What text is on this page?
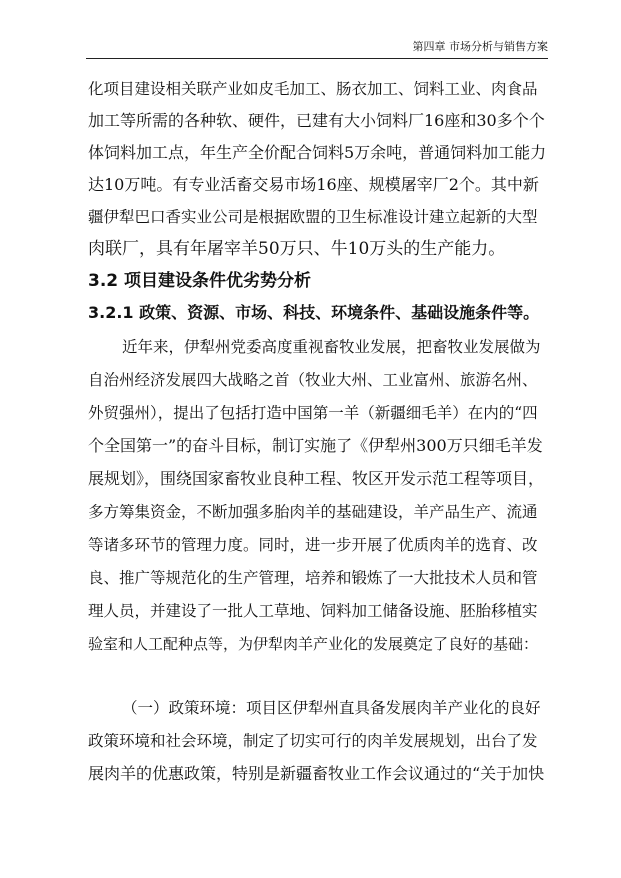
第四章 市场分析与销售方案
化项目建设相关联产业如皮毛加工、肠衣加工、饲料工业、肉食品
加工等所需的各种软、硬件，已建有大小饲料厂16座和30多个个
体饲料加工点，年生产全价配合饲料5万余吨，普通饲料加工能力
达10万吨。有专业活畜交易市场16座、规模屠宰厂2个。其中新
疆伊犁巴口香实业公司是根据欧盟的卫生标准设计建立起新的大型
肉联厂，具有年屠宰羊50万只、牛10万头的生产能力。
3.2 项目建设条件优劣势分析
3.2.1 政策、资源、市场、科技、环境条件、基础设施条件等。
近年来，伊犁州党委高度重视畜牧业发展，把畜牧业发展做为
自治州经济发展四大战略之首（牧业大州、工业富州、旅游名州、
外贸强州），提出了包括打造中国第一羊（新疆细毛羊）在内的“四
个全国第一”的奋斗目标，制订实施了《伊犁州300万只细毛羊发
展规划》，围绕国家畜牧业良种工程、牧区开发示范工程等项目，
多方筹集资金，不断加强多胎肉羊的基础建设，羊产品生产、流通
等诸多环节的管理力度。同时，进一步开展了优质肉羊的选育、改
良、推广等规范化的生产管理，培养和锻炼了一大批技术人员和管
理人员，并建设了一批人工草地、饲料加工储备设施、胚胎移植实
验室和人工配种点等，为伊犁肉羊产业化的发展奠定了良好的基础：
（一）政策环境：项目区伊犁州直具备发展肉羊产业化的良好
政策环境和社会环境，制定了切实可行的肉羊发展规划，出台了发
展肉羊的优惠政策，特别是新疆畜牧业工作会议通过的“关于加快
